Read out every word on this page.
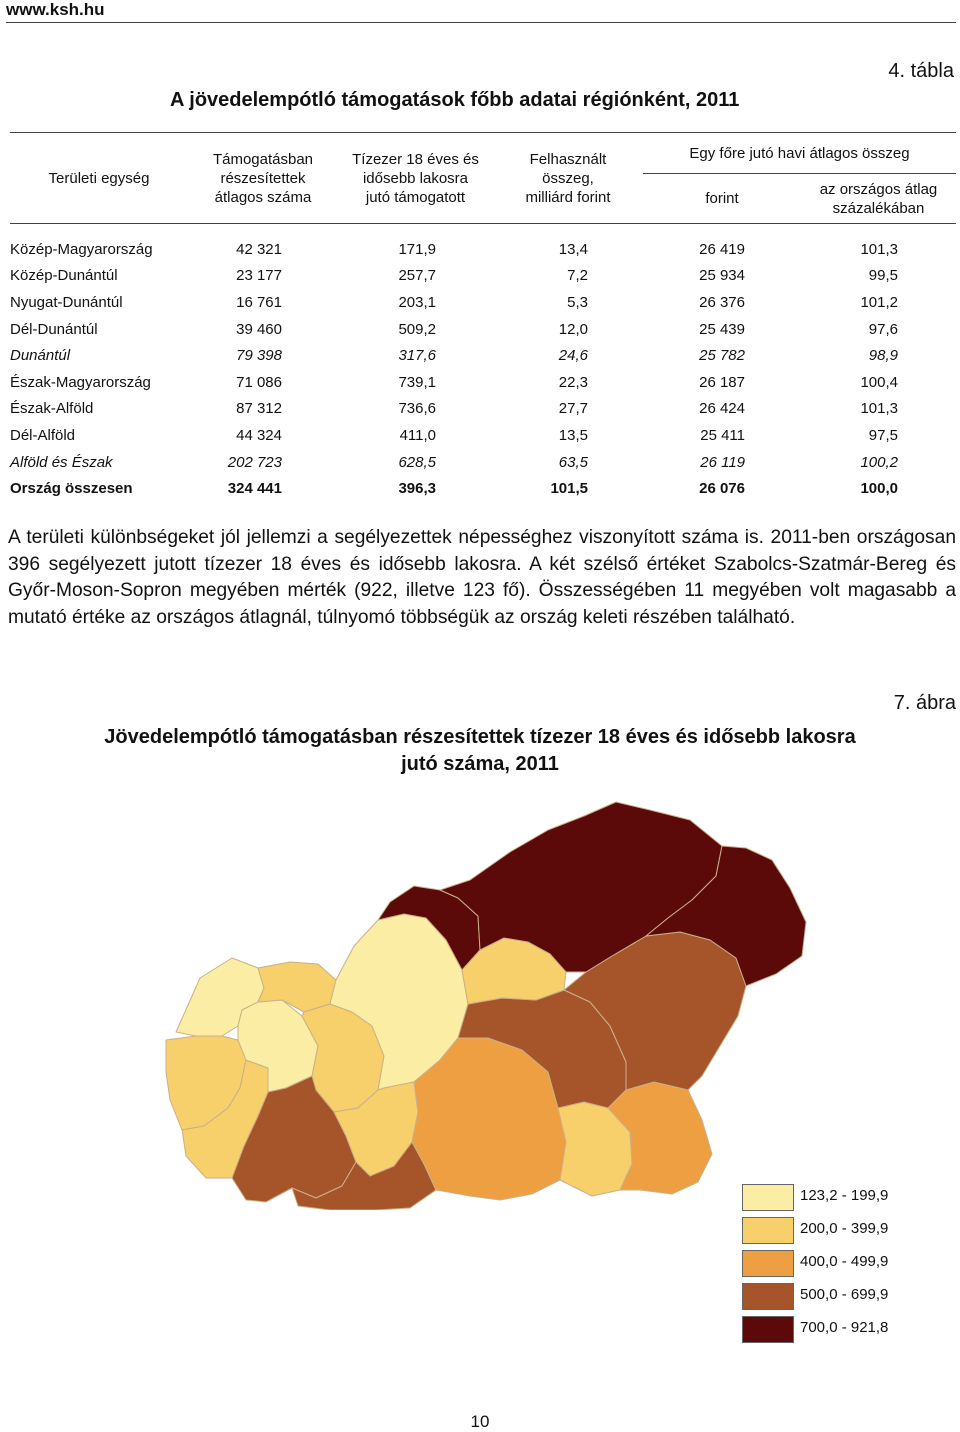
www.ksh.hu
4. tábla
A jövedelempótló támogatások főbb adatai régiónként, 2011
Területi egység	Támogatásban részesítettek átlagos száma	Tízezer 18 éves és idősebb lakosra jutó támogatott	Felhasznált összeg, milliárd forint	Egy főre jutó havi átlagos összeg	
				forint	az országos átlag százalékában

Közép-Magyarország	42 321	171,9	13,4	26 419	101,3
Közép-Dunántúl	23 177	257,7	7,2	25 934	99,5
Nyugat-Dunántúl	16 761	203,1	5,3	26 376	101,2
Dél-Dunántúl	39 460	509,2	12,0	25 439	97,6
Dunántúl	79 398	317,6	24,6	25 782	98,9
Észak-Magyarország	71 086	739,1	22,3	26 187	100,4
Észak-Alföld	87 312	736,6	27,7	26 424	101,3
Dél-Alföld	44 324	411,0	13,5	25 411	97,5
Alföld és Észak	202 723	628,5	63,5	26 119	100,2
Ország összesen	324 441	396,3	101,5	26 076	100,0
A területi különbségeket jól jellemzi a segélyezettek népességhez viszonyított száma is. 2011-ben országosan 396 segélyezett jutott tízezer 18 éves és idősebb lakosra. A két szélső értéket Szabolcs-Szatmár-Bereg és Győr-Moson-Sopron megyében mérték (922, illetve 123 fő). Összességében 11 megyében volt magasabb a mutató értéke az országos átlagnál, túlnyomó többségük az ország keleti részében található.
7. ábra
Jövedelempótló támogatásban részesítettek tízezer 18 éves és idősebb lakosra jutó száma, 2011
123,2 - 199,9
200,0 - 399,9
400,0 - 499,9
500,0 - 699,9
700,0 - 921,8
10
